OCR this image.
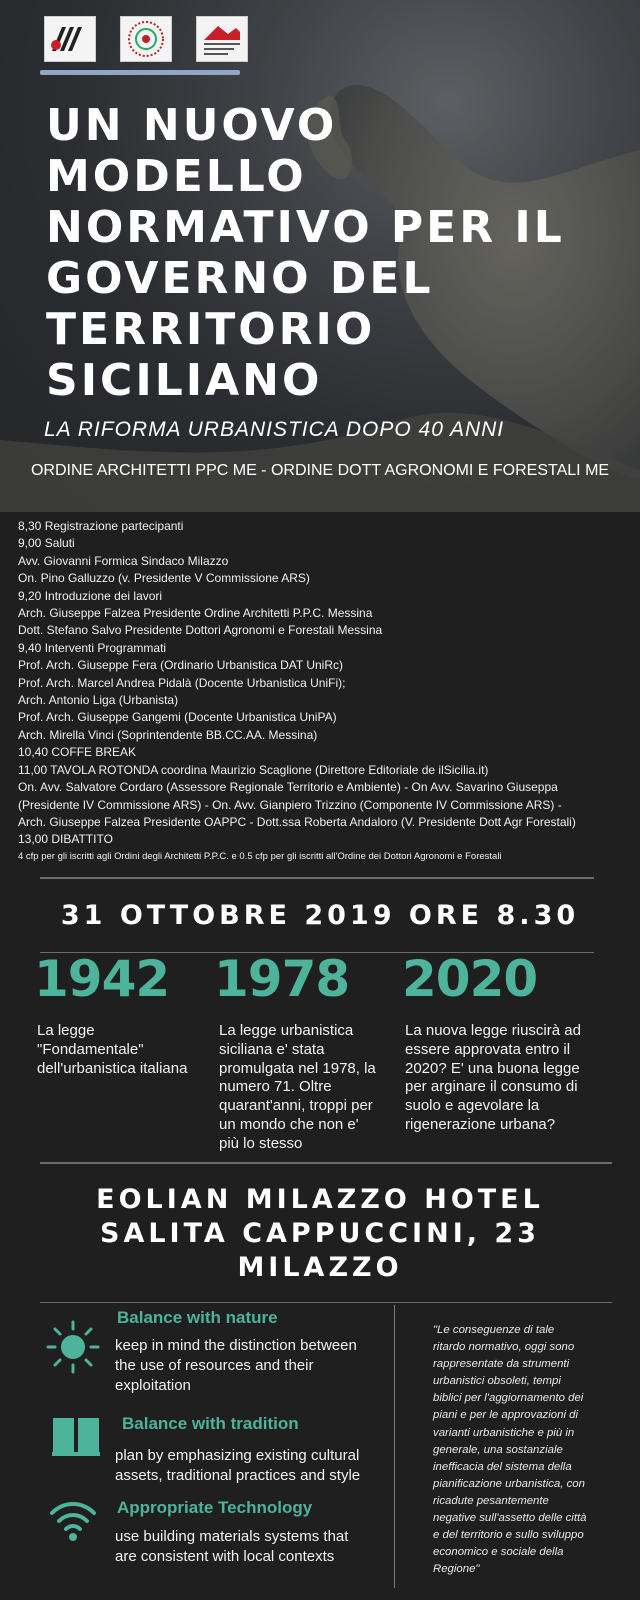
UN NUOVO
MODELLO
NORMATIVO PER IL
GOVERNO DEL
TERRITORIO
SICILIANO
LA RIFORMA URBANISTICA DOPO 40 ANNI
ORDINE ARCHITETTI PPC ME - ORDINE DOTT AGRONOMI E FORESTALI ME
8,30 Registrazione partecipanti
9,00 Saluti
Avv. Giovanni Formica Sindaco Milazzo
On. Pino Galluzzo (v. Presidente V Commissione ARS)
9,20 Introduzione dei lavori
Arch. Giuseppe Falzea Presidente Ordine Architetti P.P.C. Messina
Dott. Stefano Salvo Presidente Dottori Agronomi e Forestali Messina
9,40 Interventi Programmati
Prof. Arch. Giuseppe Fera (Ordinario Urbanistica DAT UniRc)
Prof. Arch. Marcel Andrea Pidalà (Docente Urbanistica UniFi);
Arch. Antonio Liga (Urbanista)
Prof. Arch. Giuseppe Gangemi (Docente Urbanistica UniPA)
Arch. Mirella Vinci (Soprintendente BB.CC.AA. Messina)
10,40 COFFE BREAK
11,00 TAVOLA ROTONDA coordina Maurizio Scaglione (Direttore Editoriale de ilSicilia.it)
On. Avv. Salvatore Cordaro (Assessore Regionale Territorio e Ambiente) - On Avv. Savarino Giuseppa
(Presidente IV Commissione ARS) - On. Avv. Gianpiero Trizzino (Componente IV Commissione ARS) -
Arch. Giuseppe Falzea Presidente OAPPC - Dott.ssa Roberta Andaloro (V. Presidente Dott Agr Forestali)
13,00 DIBATTITO
4 cfp per gli iscritti agli Ordini degli Architetti P.P.C. e 0.5 cfp per gli iscritti all'Ordine dei Dottori Agronomi e Forestali
31 OTTOBRE 2019 ORE 8.30
1942 1978 2020
La legge
"Fondamentale"
dell'urbanistica italiana
La legge urbanistica
siciliana e' stata
promulgata nel 1978, la
numero 71. Oltre
quarant'anni, troppi per
un mondo che non e'
più lo stesso
La nuova legge riuscirà ad
essere approvata entro il
2020? E' una buona legge
per arginare il consumo di
suolo e agevolare la
rigenerazione urbana?
EOLIAN MILAZZO HOTEL
SALITA CAPPUCCINI, 23
MILAZZO
Balance with nature
keep in mind the distinction between
the use of resources and their
exploitation
Balance with tradition
plan by emphasizing existing cultural
assets, traditional practices and style
Appropriate Technology
use building materials systems that
are consistent with local contexts
"Le conseguenze di tale
ritardo normativo, oggi sono
rappresentate da strumenti
urbanistici obsoleti, tempi
biblici per l'aggiornamento dei
piani e per le approvazioni di
varianti urbanistiche e più in
generale, una sostanziale
inefficacia del sistema della
pianificazione urbanistica, con
ricadute pesantemente
negative sull'assetto delle città
e del territorio e sullo sviluppo
economico e sociale della
Regione"
